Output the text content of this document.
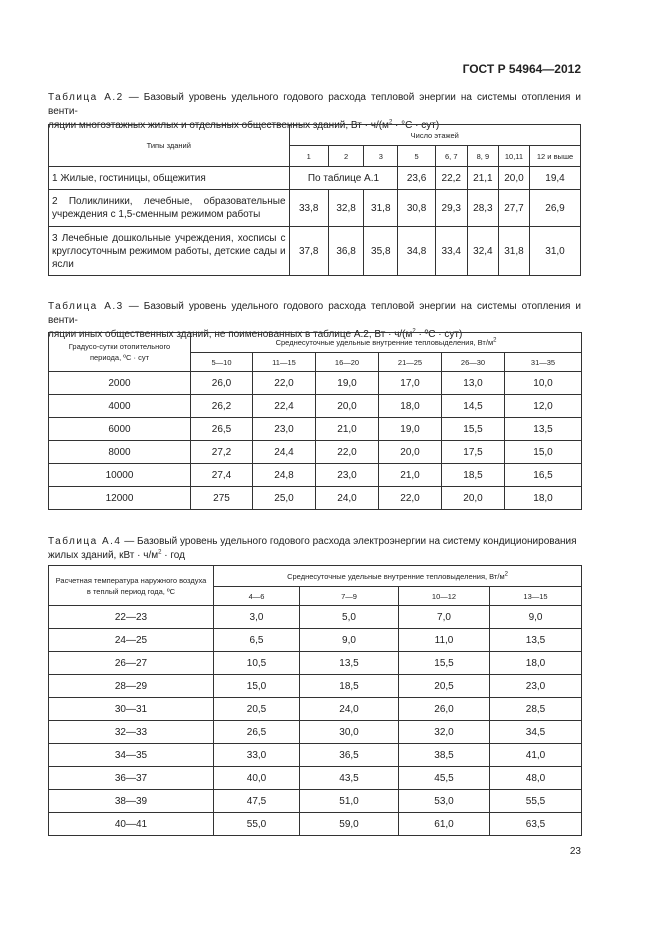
ГОСТ Р 54964—2012
Таблица А.2 — Базовый уровень удельного годового расхода тепловой энергии на системы отопления и венти-
ляции многоэтажных жилых и отдельных общественных зданий, Вт · $ч/(м^2 \cdot ^\circ С \cdot сут)$
Типы зданий	Число этажей							
	1	2	3	5	6, 7	8, 9	10,11	12 и выше
1 Жилые, гостиницы, общежития	По таблице А.1			23,6	22,2	21,1	20,0	19,4
2 Поликлиники, лечебные, образовательные учреждения с 1,5-сменным режимом работы	33,8	32,8	31,8	30,8	29,3	28,3	27,7	26,9
3 Лечебные дошкольные учреждения, хосписы с круглосуточным режимом работы, детские сады и ясли	37,8	36,8	35,8	34,8	33,4	32,4	31,8	31,0
Таблица А.3 — Базовый уровень удельного годового расхода тепловой энергии на системы отопления и венти-
ляции иных общественных зданий, не поименованных в таблице А.2, Вт · $ч/(м^2$ · ºС · сут)
Градусо-сутки отопительного
периода, ºС · сут	Среднесуточные удельные внутренние тепловыделения, $Вт/м^2$
	5—10	11—15	16—20	21—25	26—30	31—35
2000	26,0	22,0	19,0	17,0	13,0	10,0
4000	26,2	22,4	20,0	18,0	14,5	12,0
6000	26,5	23,0	21,0	19,0	15,5	13,5
8000	27,2	24,4	22,0	20,0	17,5	15,0
10000	27,4	24,8	23,0	21,0	18,5	16,5
12000	275	25,0	24,0	22,0	20,0	18,0
Таблица А.4 — Базовый уровень удельного годового расхода электроэнергии на систему кондиционирования
жилых зданий, кВт · $ч/м^2$ · год
Расчетная температура наружного воздуха
в теплый период года, ºС	Среднесуточные удельные внутренние тепловыделения, $Вт/м^2$
	4—6	7—9	10—12	13—15
22—23	3,0	5,0	7,0	9,0
24—25	6,5	9,0	11,0	13,5
26—27	10,5	13,5	15,5	18,0
28—29	15,0	18,5	20,5	23,0
30—31	20,5	24,0	26,0	28,5
32—33	26,5	30,0	32,0	34,5
34—35	33,0	36,5	38,5	41,0
36—37	40,0	43,5	45,5	48,0
38—39	47,5	51,0	53,0	55,5
40—41	55,0	59,0	61,0	63,5
23
